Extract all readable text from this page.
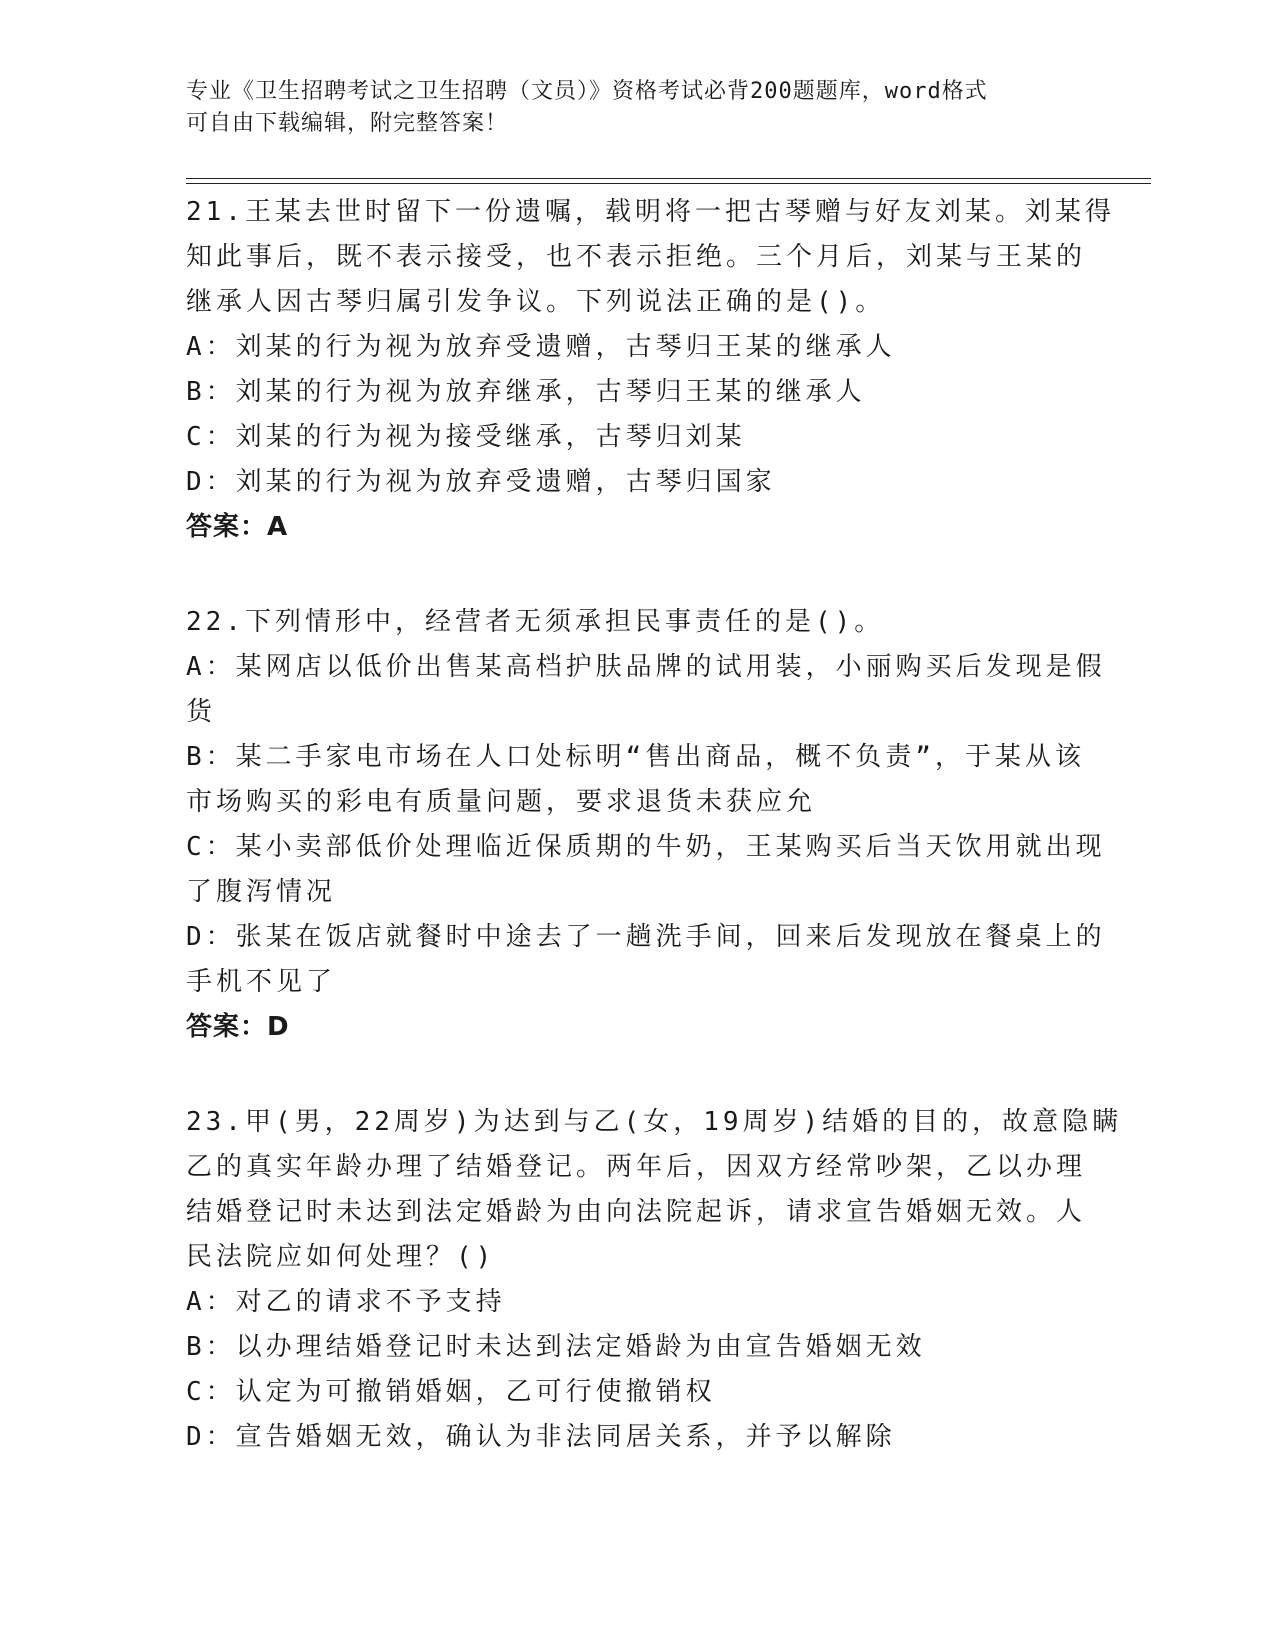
专业《卫生招聘考试之卫生招聘（文员）》资格考试必背200题题库，word格式
可自由下载编辑，附完整答案！
21.王某去世时留下一份遗嘱，载明将一把古琴赠与好友刘某。刘某得
知此事后，既不表示接受，也不表示拒绝。三个月后，刘某与王某的
继承人因古琴归属引发争议。下列说法正确的是()。
A：刘某的行为视为放弃受遗赠，古琴归王某的继承人
B：刘某的行为视为放弃继承，古琴归王某的继承人
C：刘某的行为视为接受继承，古琴归刘某
D：刘某的行为视为放弃受遗赠，古琴归国家
答案：A
22.下列情形中，经营者无须承担民事责任的是()。
A：某网店以低价出售某高档护肤品牌的试用装，小丽购买后发现是假
货
B：某二手家电市场在人口处标明“售出商品，概不负责”，于某从该
市场购买的彩电有质量问题，要求退货未获应允
C：某小卖部低价处理临近保质期的牛奶，王某购买后当天饮用就出现
了腹泻情况
D：张某在饭店就餐时中途去了一趟洗手间，回来后发现放在餐桌上的
手机不见了
答案：D
23.甲(男，22周岁)为达到与乙(女，19周岁)结婚的目的，故意隐瞒
乙的真实年龄办理了结婚登记。两年后，因双方经常吵架，乙以办理
结婚登记时未达到法定婚龄为由向法院起诉，请求宣告婚姻无效。人
民法院应如何处理？()
A：对乙的请求不予支持
B：以办理结婚登记时未达到法定婚龄为由宣告婚姻无效
C：认定为可撤销婚姻，乙可行使撤销权
D：宣告婚姻无效，确认为非法同居关系，并予以解除
